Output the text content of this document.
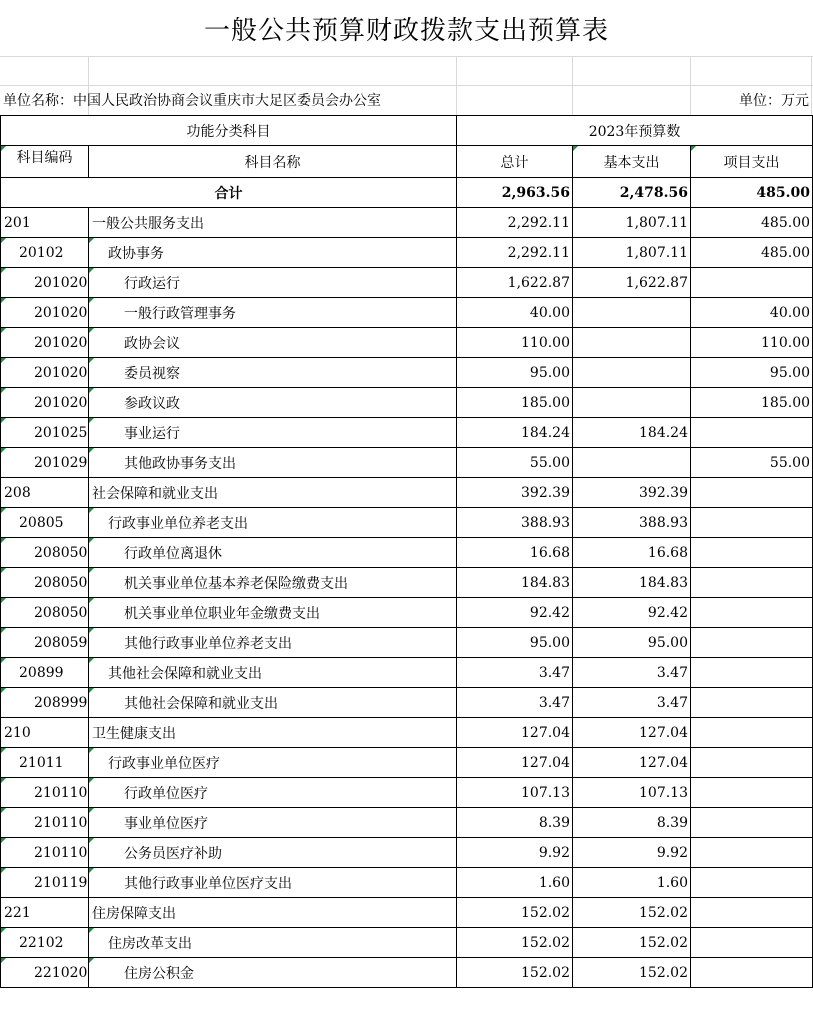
一般公共预算财政拨款支出预算表
单位名称：中国人民政治协商会议重庆市大足区委员会办公室	单位：万元
功能分类科目		2023年预算数		
科目编码	科目名称	总计	基本支出	项目支出
合计		2,963.56	2,478.56	485.00
201	一般公共服务支出	2,292.11	1,807.11	485.00
20102	政协事务	2,292.11	1,807.11	485.00
201020	行政运行	1,622.87	1,622.87	
201020	一般行政管理事务	40.00		40.00
201020	政协会议	110.00		110.00
201020	委员视察	95.00		95.00
201020	参政议政	185.00		185.00
201025	事业运行	184.24	184.24	
201029	其他政协事务支出	55.00		55.00
208	社会保障和就业支出	392.39	392.39	
20805	行政事业单位养老支出	388.93	388.93	
208050	行政单位离退休	16.68	16.68	
208050	机关事业单位基本养老保险缴费支出	184.83	184.83	
208050	机关事业单位职业年金缴费支出	92.42	92.42	
208059	其他行政事业单位养老支出	95.00	95.00	
20899	其他社会保障和就业支出	3.47	3.47	
208999	其他社会保障和就业支出	3.47	3.47	
210	卫生健康支出	127.04	127.04	
21011	行政事业单位医疗	127.04	127.04	
210110	行政单位医疗	107.13	107.13	
210110	事业单位医疗	8.39	8.39	
210110	公务员医疗补助	9.92	9.92	
210119	其他行政事业单位医疗支出	1.60	1.60	
221	住房保障支出	152.02	152.02	
22102	住房改革支出	152.02	152.02	
221020	住房公积金	152.02	152.02	
